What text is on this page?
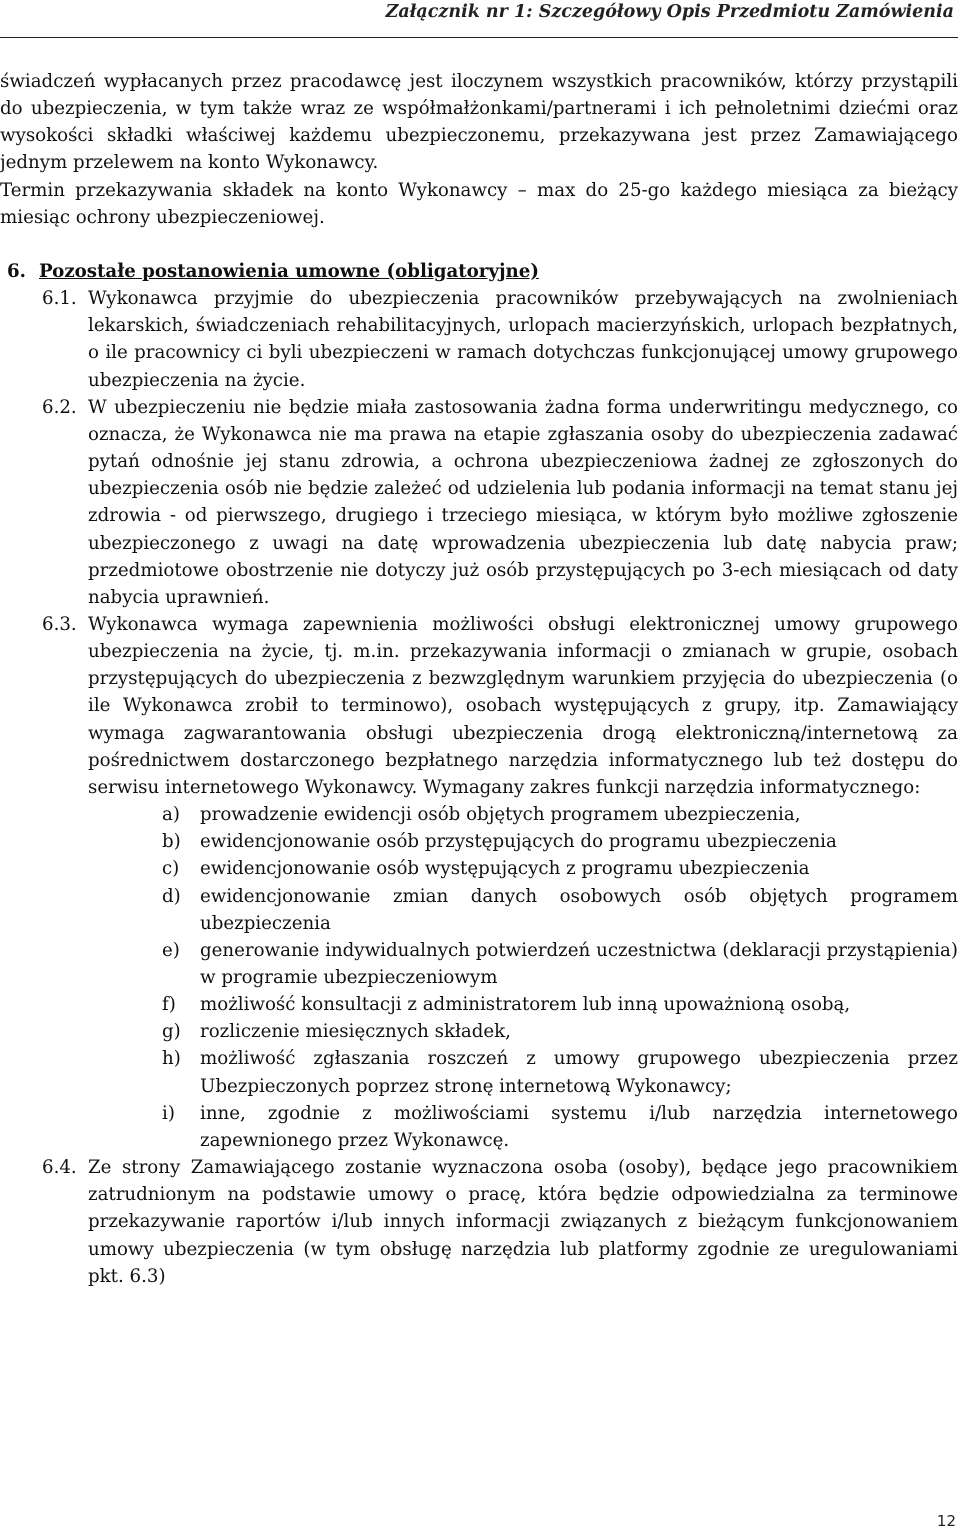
Załącznik nr 1: Szczegółowy Opis Przedmiotu Zamówienia

świadczeń wypłacanych przez pracodawcę jest iloczynem wszystkich pracowników, którzy przystąpili do ubezpieczenia, w tym także wraz ze współmałżonkami/partnerami i ich pełnoletnimi dziećmi oraz wysokości składki właściwej każdemu ubezpieczonemu, przekazywana jest przez Zamawiającego jednym przelewem na konto Wykonawcy.

Termin przekazywania składek na konto Wykonawcy – max do 25-go każdego miesiąca za bieżący miesiąc ochrony ubezpieczeniowej.

6. Pozostałe postanowienia umowne (obligatoryjne)
6.1. Wykonawca przyjmie do ubezpieczenia pracowników przebywających na zwolnieniach lekarskich, świadczeniach rehabilitacyjnych, urlopach macierzyńskich, urlopach bezpłatnych, o ile pracownicy ci byli ubezpieczeni w ramach dotychczas funkcjonującej umowy grupowego ubezpieczenia na życie.

6.2. W ubezpieczeniu nie będzie miała zastosowania żadna forma underwritingu medycznego, co oznacza, że Wykonawca nie ma prawa na etapie zgłaszania osoby do ubezpieczenia zadawać pytań odnośnie jej stanu zdrowia, a ochrona ubezpieczeniowa żadnej ze zgłoszonych do ubezpieczenia osób nie będzie zależeć od udzielenia lub podania informacji na temat stanu jej zdrowia - od pierwszego, drugiego i trzeciego miesiąca, w którym było możliwe zgłoszenie ubezpieczonego z uwagi na datę wprowadzenia ubezpieczenia lub datę nabycia praw; przedmiotowe obostrzenie nie dotyczy już osób przystępujących po 3-ech miesiącach od daty nabycia uprawnień.

6.3. Wykonawca wymaga zapewnienia możliwości obsługi elektronicznej umowy grupowego ubezpieczenia na życie, tj. m.in. przekazywania informacji o zmianach w grupie, osobach przystępujących do ubezpieczenia z bezwzględnym warunkiem przyjęcia do ubezpieczenia (o ile Wykonawca zrobił to terminowo), osobach występujących z grupy, itp. Zamawiający wymaga zagwarantowania obsługi ubezpieczenia drogą elektroniczną/internetową za pośrednictwem dostarczonego bezpłatnego narzędzia informatycznego lub też dostępu do serwisu internetowego Wykonawcy. Wymagany zakres funkcji narzędzia informatycznego:

a) prowadzenie ewidencji osób objętych programem ubezpieczenia,
b) ewidencjonowanie osób przystępujących do programu ubezpieczenia
c) ewidencjonowanie osób występujących z programu ubezpieczenia
d) ewidencjonowanie zmian danych osobowych osób objętych programem ubezpieczenia
e) generowanie indywidualnych potwierdzeń uczestnictwa (deklaracji przystąpienia) w programie ubezpieczeniowym
f) możliwość konsultacji z administratorem lub inną upoważnioną osobą,
g) rozliczenie miesięcznych składek,
h) możliwość zgłaszania roszczeń z umowy grupowego ubezpieczenia przez Ubezpieczonych poprzez stronę internetową Wykonawcy;
i) inne, zgodnie z możliwościami systemu i/lub narzędzia internetowego zapewnionego przez Wykonawcę.
6.4. Ze strony Zamawiającego zostanie wyznaczona osoba (osoby), będące jego pracownikiem zatrudnionym na podstawie umowy o pracę, która będzie odpowiedzialna za terminowe przekazywanie raportów i/lub innych informacji związanych z bieżącym funkcjonowaniem umowy ubezpieczenia (w tym obsługę narzędzia lub platformy zgodnie ze uregulowaniami pkt. 6.3)

12
